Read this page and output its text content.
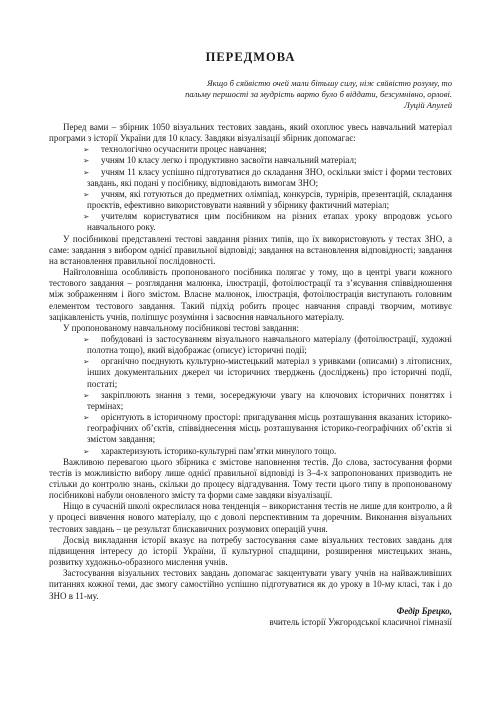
ПЕРЕДМОВА
Якщо б сяйвістю очей мали бітьшу силу, ніж сяйвістю розуму, то
пальму першості за мудрість варто було б віддати, безсумнівно, орлові.
Луцій Апулей

Перед вами – збірник 1050 візуальних тестових завдань, який охоплює увесь навчальний матеріал програми з історії України для 10 класу. Завдяки візуалізації збірник допомагає:

➢ технологічно осучаснити процес навчання;

➢ учням 10 класу легко і продуктивно засвоїти навчальний матеріал;

➢ учням 11 класу успішно підготуватися до складання ЗНО, оскільки зміст і форми тестових завдань, які подані у посібнику, відповідають вимогам ЗНО;

➢ учням, які готуються до предметних олімпіад, конкурсів, турнірів, презентацій, складання проєктів, ефективно використовувати наявний у збірнику фактичний матеріал;

➢ учителям користуватися цим посібником на різних етапах уроку впродовж усього навчального року.

У посібникові представлені тестові завдання різних типів, що їх використовують у тестах ЗНО, а саме: завдання з вибором однієї правильної відповіді; завдання на встановлення відповідності; завдання на встановлення правильної послідовності.

Найголовніша особливість пропонованого посібника полягає у тому, що в центрі уваги кожного тестового завдання – розглядання малюнка, ілюстрації, фотоілюстрації та з’ясування співвідношення між зображенням і його змістом. Власне малюнок, ілюстрація, фотоілюстрація виступають головним елементом тестового завдання. Такий підхід робить процес навчання справді творчим, мотивує зацікавленість учнів, поліпшує розуміння і засвоєння навчального матеріалу.

У пропонованому навчальному посібникові тестові завдання:

➢ побудовані із застосуванням візуального навчального матеріалу (фотоілюстрації, художні полотна тощо), який відображає (описує) історичні події;

➢ органічно поєднують культурно-мистецький матеріал з уривками (описами) з літописних, інших документальних джерел чи історичних тверджень (досліджень) про історичні події, постаті;

➢ закріплюють знання з теми, зосереджуючи увагу на ключових історичних поняттях і термінах;

➢ орієнтують в історичному просторі: пригадування місць розташування вказаних історико-географічних об’єктів, співвіднесення місць розташування історико-географічних об’єктів зі змістом завдання;

➢ характеризують історико-культурні пам’ятки минулого тощо.

Важливою перевагою цього збірника є змістове наповнення тестів. До слова, застосування форми тестів із можливістю вибору лише однієї правильної відповіді із 3–4-х запропонованих призводить не стільки до контролю знань, скільки до процесу відгадування. Тому тести цього типу в пропонованому посібникові набули оновленого змісту та форми саме завдяки візуалізації.

Ніщо в сучасній школі окреслилася нова тенденція – використання тестів не лише для контролю, а й у процесі вивчення нового матеріалу, що є доволі перспективним та доречним. Виконання візуальних тестових завдань – це результат блискавичних розумових операцій учня.

Досвід викладання історії вказує на потребу застосування саме візуальних тестових завдань для підвищення інтересу до історії України, її культурної спадщини, розширення мистецьких знань, розвитку художньо-образного мислення учнів.

Застосування візуальних тестових завдань допомагає закцентувати увагу учнів на найважливіших питаннях кожної теми, дає змогу самостійно успішно підготуватися як до уроку в 10-му класі, так і до ЗНО в 11-му.

Федір Брецко,
вчитель історії Ужгородської класичної гімназії
